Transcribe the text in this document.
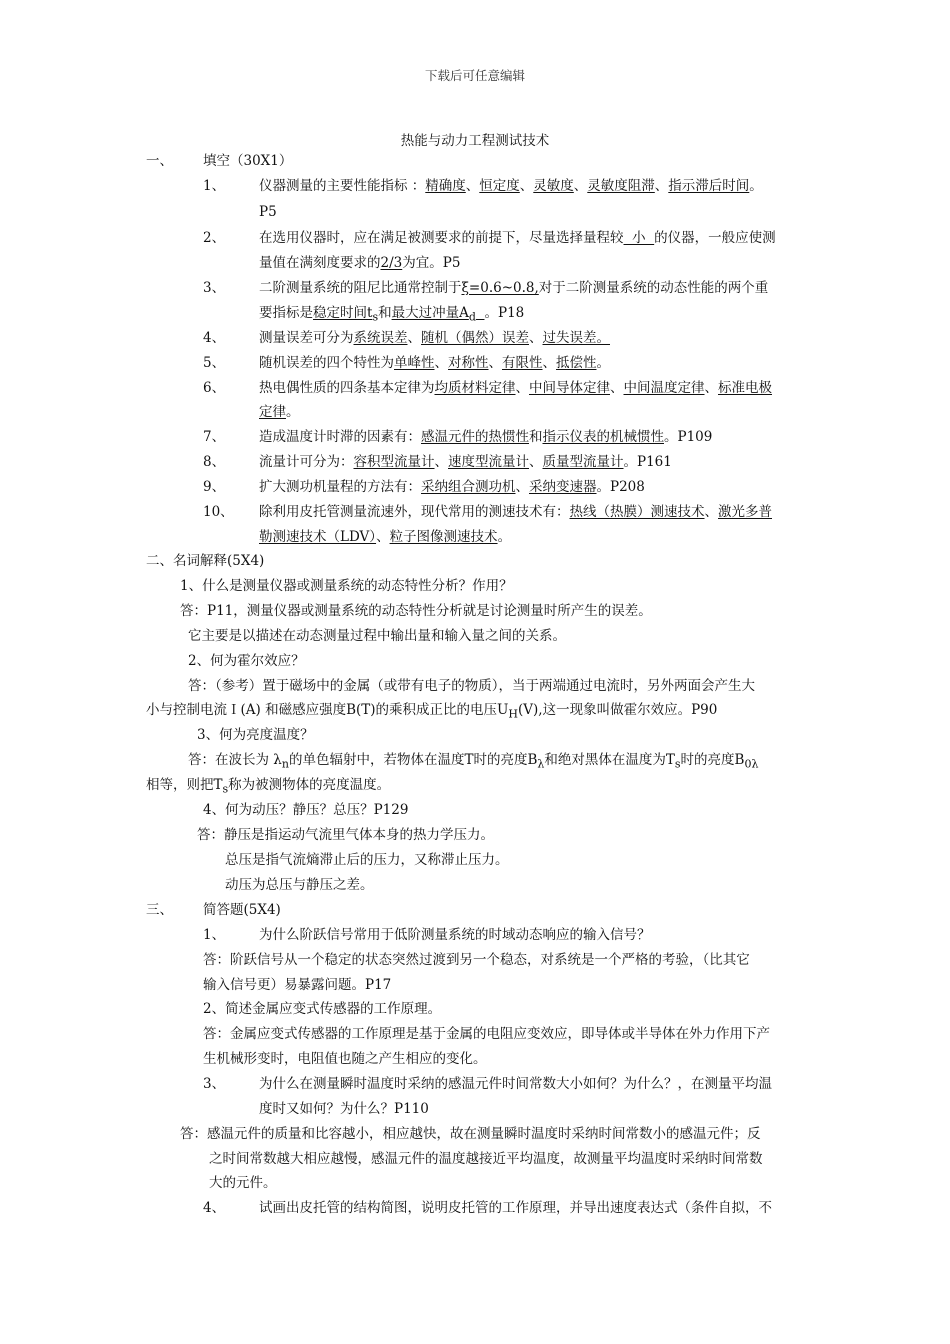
下载后可任意编辑
热能与动力工程测试技术
一、 填空（30X1）
1、	仪器测量的主要性能指标 ：精确度、恒定度、灵敏度、灵敏度阻滞、指示滞后时间。
P5
2、	在选用仪器时，应在满足被测要求的前提下，尽量选择量程较  小  的仪器，一般应使测
量值在满刻度要求的2/3为宜。P5
3、	二阶测量系统的阻尼比通常控制于ξ=0.6~0.8,对于二阶测量系统的动态性能的两个重
要指标是稳定时间$t_s$和最大过冲量$A_d$ 。P18
4、	测量误差可分为系统误差、随机（偶然）误差、过失误差。
5、	随机误差的四个特性为单峰性、对称性、有限性、抵偿性。
6、	热电偶性质的四条基本定律为均质材料定律、中间导体定律、中间温度定律、标准电极
定律。
7、	造成温度计时滞的因素有：感温元件的热惯性和指示仪表的机械惯性。P109
8、	流量计可分为：容积型流量计、速度型流量计、质量型流量计。P161
9、	扩大测功机量程的方法有：采纳组合测功机、采纳变速器。P208
10、 除利用皮托管测量流速外，现代常用的测速技术有：热线（热膜）测速技术、激光多普
勒测速技术（LDV）、粒子图像测速技术。
二、名词解释(5X4)
1、什么是测量仪器或测量系统的动态特性分析？作用？
答：P11，测量仪器或测量系统的动态特性分析就是讨论测量时所产生的误差。
它主要是以描述在动态测量过程中输出量和输入量之间的关系。
2、何为霍尔效应？
答：（参考）置于磁场中的金属（或带有电子的物质），当于两端通过电流时，另外两面会产生大
小与控制电流Ｉ(A) 和磁感应强度B(T)的乘积成正比的电压$U_H(V)$,这一现象叫做霍尔效应。P90
3、何为亮度温度？
答：在波长为 $\lambda_n$的单色辐射中，若物体在温度T时的亮度$B_\lambda$和绝对黑体在温度为$T_s$时的亮度$B_{0\lambda}$
相等，则把$T_s$称为被测物体的亮度温度。
4、何为动压？静压？总压？P129
答：静压是指运动气流里气体本身的热力学压力。
总压是指气流熵滞止后的压力，又称滞止压力。
动压为总压与静压之差。
三、 简答题(5X4)
1、	为什么阶跃信号常用于低阶测量系统的时域动态响应的输入信号？
答：阶跃信号从一个稳定的状态突然过渡到另一个稳态，对系统是一个严格的考验，（比其它
输入信号更）易暴露问题。P17
2、简述金属应变式传感器的工作原理。
答：金属应变式传感器的工作原理是基于金属的电阻应变效应，即导体或半导体在外力作用下产
生机械形变时，电阻值也随之产生相应的变化。
3、	为什么在测量瞬时温度时采纳的感温元件时间常数大小如何？为什么？，在测量平均温
度时又如何？为什么？P110
答：感温元件的质量和比容越小，相应越快，故在测量瞬时温度时采纳时间常数小的感温元件；反
之时间常数越大相应越慢，感温元件的温度越接近平均温度，故测量平均温度时采纳时间常数
大的元件。
4、	试画出皮托管的结构简图，说明皮托管的工作原理，并导出速度表达式（条件自拟，不
